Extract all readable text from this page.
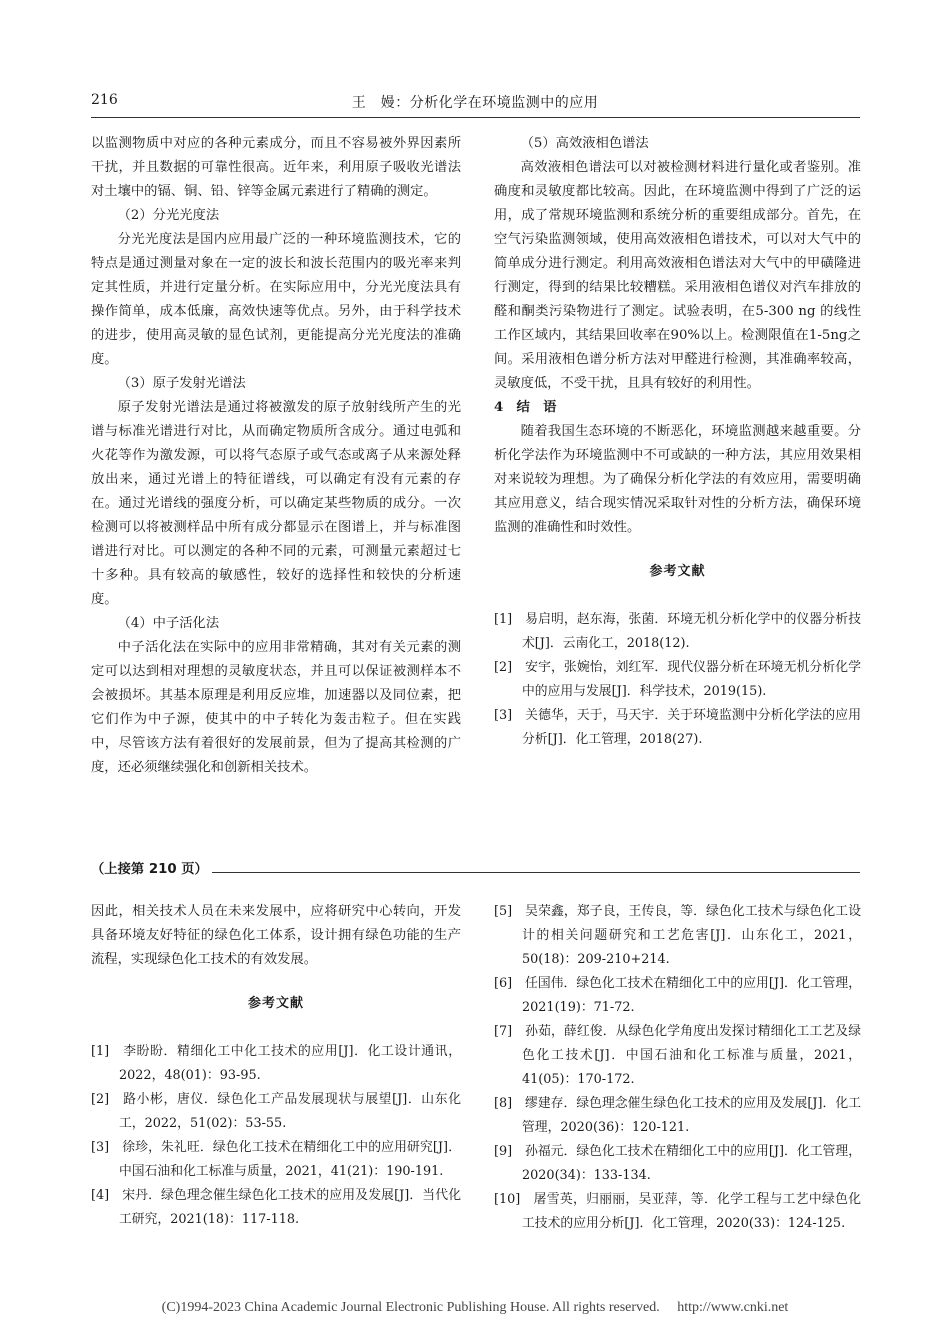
216	王　嫚：分析化学在环境监测中的应用

以监测物质中对应的各种元素成分，而且不容易被外界因素所干扰，并且数据的可靠性很高。近年来，利用原子吸收光谱法对土壤中的镉、铜、铅、锌等金属元素进行了精确的测定。

（2）分光光度法

分光光度法是国内应用最广泛的一种环境监测技术，它的特点是通过测量对象在一定的波长和波长范围内的吸光率来判定其性质，并进行定量分析。在实际应用中，分光光度法具有操作简单，成本低廉，高效快速等优点。另外，由于科学技术的进步，使用高灵敏的显色试剂，更能提高分光光度法的准确度。

（3）原子发射光谱法

原子发射光谱法是通过将被激发的原子放射线所产生的光谱与标准光谱进行对比，从而确定物质所含成分。通过电弧和火花等作为激发源，可以将气态原子或气态或离子从来源处释放出来，通过光谱上的特征谱线，可以确定有没有元素的存在。通过光谱线的强度分析，可以确定某些物质的成分。一次检测可以将被测样品中所有成分都显示在图谱上，并与标准图谱进行对比。可以测定的各种不同的元素，可测量元素超过七十多种。具有较高的敏感性，较好的选择性和较快的分析速度。

（4）中子活化法

中子活化法在实际中的应用非常精确，其对有关元素的测定可以达到相对理想的灵敏度状态，并且可以保证被测样本不会被损坏。其基本原理是利用反应堆，加速器以及同位素，把它们作为中子源，使其中的中子转化为轰击粒子。但在实践中，尽管该方法有着很好的发展前景，但为了提高其检测的广度，还必须继续强化和创新相关技术。

（5）高效液相色谱法

高效液相色谱法可以对被检测材料进行量化或者鉴别。准确度和灵敏度都比较高。因此，在环境监测中得到了广泛的运用，成了常规环境监测和系统分析的重要组成部分。首先，在空气污染监测领域，使用高效液相色谱技术，可以对大气中的简单成分进行测定。利用高效液相色谱法对大气中的甲磺隆进行测定，得到的结果比较糟糕。采用液相色谱仪对汽车排放的醛和酮类污染物进行了测定。试验表明，在5-300 ng 的线性工作区域内，其结果回收率在90%以上。检测限值在1-5ng之间。采用液相色谱分析方法对甲醛进行检测，其准确率较高，灵敏度低，不受干扰，且具有较好的利用性。

4　结　语

随着我国生态环境的不断恶化，环境监测越来越重要。分析化学法作为环境监测中不可或缺的一种方法，其应用效果相对来说较为理想。为了确保分析化学法的有效应用，需要明确其应用意义，结合现实情况采取针对性的分析方法，确保环境监测的准确性和时效性。

参考文献

[1]　易启明，赵东海，张菌．环境无机分析化学中的仪器分析技术[J]．云南化工，2018(12).

[2]　安宇，张婉怡，刘红军．现代仪器分析在环境无机分析化学中的应用与发展[J]．科学技术，2019(15).

[3]　关德华，天于，马天宇．关于环境监测中分析化学法的应用分析[J]．化工管理，2018(27).

（上接第 210 页）

因此，相关技术人员在未来发展中，应将研究中心转向，开发具备环境友好特征的绿色化工体系，设计拥有绿色功能的生产流程，实现绿色化工技术的有效发展。

参考文献

[1]　李盼盼．精细化工中化工技术的应用[J]．化工设计通讯，2022，48(01)：93-95.

[2]　路小彬，唐仪．绿色化工产品发展现状与展望[J]．山东化工，2022，51(02)：53-55.

[3]　徐珍，朱礼旺．绿色化工技术在精细化工中的应用研究[J]．中国石油和化工标准与质量，2021，41(21)：190-191.

[4]　宋丹．绿色理念催生绿色化工技术的应用及发展[J]．当代化工研究，2021(18)：117-118.

[5]　吴荣鑫，郑子良，王传良，等．绿色化工技术与绿色化工设计的相关问题研究和工艺危害[J]．山东化工，2021，50(18)：209-210+214.

[6]　任国伟．绿色化工技术在精细化工中的应用[J]．化工管理，2021(19)：71-72.

[7]　孙茹，薛红俊．从绿色化学角度出发探讨精细化工工艺及绿色化工技术[J]．中国石油和化工标准与质量，2021，41(05)：170-172.

[8]　缪建存．绿色理念催生绿色化工技术的应用及发展[J]．化工管理，2020(36)：120-121.

[9]　孙福元．绿色化工技术在精细化工中的应用[J]．化工管理，2020(34)：133-134.

[10]　屠雪英，归丽丽，吴亚萍，等．化学工程与工艺中绿色化工技术的应用分析[J]．化工管理，2020(33)：124-125.

(C)1994-2023 China Academic Journal Electronic Publishing House. All rights reserved.　 http://www.cnki.net
